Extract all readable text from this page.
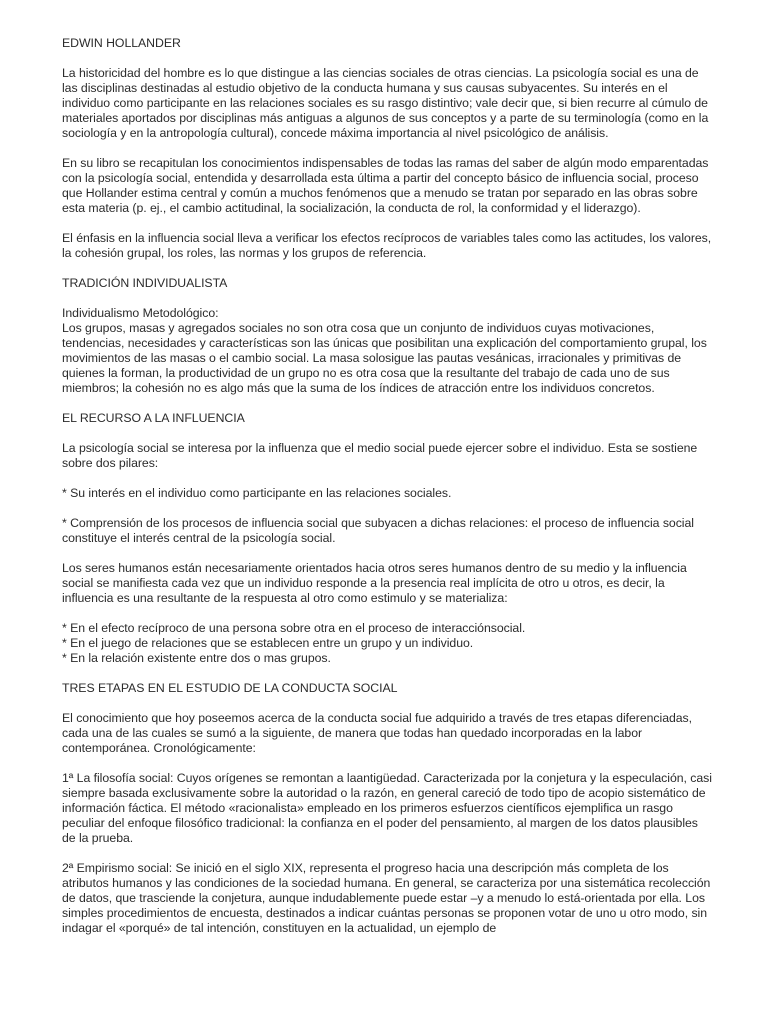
EDWIN HOLLANDER

La historicidad del hombre es lo que distingue a las ciencias sociales de otras ciencias. La psicología social es una de las disciplinas destinadas al estudio objetivo de la conducta humana y sus causas subyacentes. Su interés en el individuo como participante en las relaciones sociales es su rasgo distintivo; vale decir que, si bien recurre al cúmulo de materiales aportados por disciplinas más antiguas a algunos de sus conceptos y a parte de su terminología (como en la sociología y en la antropología cultural), concede máxima importancia al nivel psicológico de análisis.

En su libro se recapitulan los conocimientos indispensables de todas las ramas del saber de algún modo emparentadas con la psicología social, entendida y desarrollada esta última a partir del concepto básico de influencia social, proceso que Hollander estima central y común a muchos fenómenos que a menudo se tratan por separado en las obras sobre esta materia (p. ej., el cambio actitudinal, la socialización, la conducta de rol, la conformidad y el liderazgo).

El énfasis en la influencia social lleva a verificar los efectos recíprocos de variables tales como las actitudes, los valores, la cohesión grupal, los roles, las normas y los grupos de referencia.

TRADICIÓN INDIVIDUALISTA

Individualismo Metodológico:

Los grupos, masas y agregados sociales no son otra cosa que un conjunto de individuos cuyas motivaciones, tendencias, necesidades y características son las únicas que posibilitan una explicación del comportamiento grupal, los movimientos de las masas o el cambio social. La masa solosigue las pautas vesánicas, irracionales y primitivas de quienes la forman, la productividad de un grupo no es otra cosa que la resultante del trabajo de cada uno de sus miembros; la cohesión no es algo más que la suma de los índices de atracción entre los individuos concretos.

EL RECURSO A LA INFLUENCIA

La psicología social se interesa por la influenza que el medio social puede ejercer sobre el individuo. Esta se sostiene sobre dos pilares:

* Su interés en el individuo como participante en las relaciones sociales.

* Comprensión de los procesos de influencia social que subyacen a dichas relaciones: el proceso de influencia social constituye el interés central de la psicología social.

Los seres humanos están necesariamente orientados hacia otros seres humanos dentro de su medio y la influencia social se manifiesta cada vez que un individuo responde a la presencia real implícita de otro u otros, es decir, la influencia es una resultante de la respuesta al otro como estimulo y se materializa:

* En el efecto recíproco de una persona sobre otra en el proceso de interacciónsocial.

* En el juego de relaciones que se establecen entre un grupo y un individuo.

* En la relación existente entre dos o mas grupos.

TRES ETAPAS EN EL ESTUDIO DE LA CONDUCTA SOCIAL

El conocimiento que hoy poseemos acerca de la conducta social fue adquirido a través de tres etapas diferenciadas, cada una de las cuales se sumó a la siguiente, de manera que todas han quedado incorporadas en la labor contemporánea. Cronológicamente:

1ª La filosofía social: Cuyos orígenes se remontan a laantigüedad. Caracterizada por la conjetura y la especulación, casi siempre basada exclusivamente sobre la autoridad o la razón, en general careció de todo tipo de acopio sistemático de información fáctica. El método «racionalista» empleado en los primeros esfuerzos científicos ejemplifica un rasgo peculiar del enfoque filosófico tradicional: la confianza en el poder del pensamiento, al margen de los datos plausibles de la prueba.

2ª Empirismo social: Se inició en el siglo XIX, representa el progreso hacia una descripción más completa de los atributos humanos y las condiciones de la sociedad humana. En general, se caracteriza por una sistemática recolección de datos, que trasciende la conjetura, aunque indudablemente puede estar –y a menudo lo está-orientada por ella. Los simples procedimientos de encuesta, destinados a indicar cuántas personas se proponen votar de uno u otro modo, sin indagar el «porqué» de tal intención, constituyen en la actualidad, un ejemplo de
